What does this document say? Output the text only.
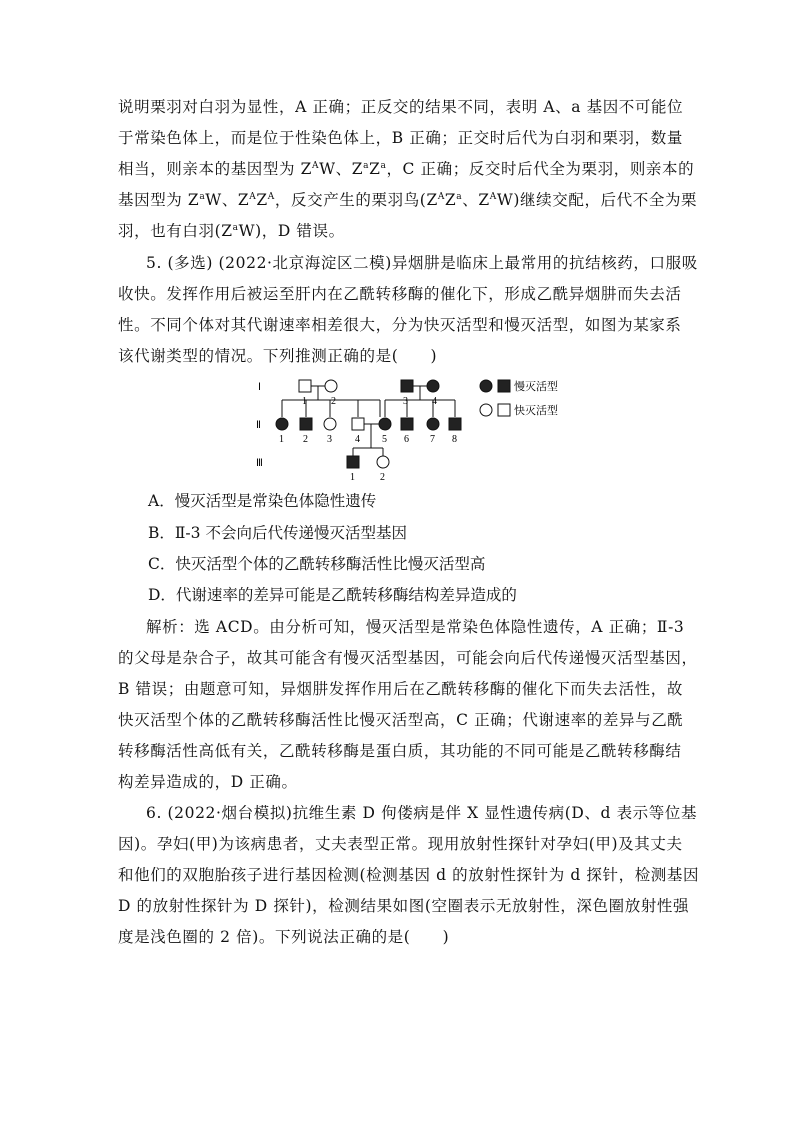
说明栗羽对白羽为显性，A 正确；正反交的结果不同，表明 A、a 基因不可能位
于常染色体上，而是位于性染色体上，B 正确；正交时后代为白羽和栗羽，数量
相当，则亲本的基因型为 $Z^AW$、$Z^aZ^a$，C 正确；反交时后代全为栗羽，则亲本的
基因型为 $Z^aW$、$Z^AZ^A$，反交产生的栗羽鸟($Z^AZ^a$、$Z^AW$)继续交配，后代不全为栗
羽，也有白羽$(Z^aW)$，D 错误。
5. (多选) (2022·北京海淀区二模)异烟肼是临床上最常用的抗结核药，口服吸
收快。发挥作用后被运至肝内在乙酰转移酶的催化下，形成乙酰异烟肼而失去活
性。不同个体对其代谢速率相差很大，分为快灭活型和慢灭活型，如图为某家系
该代谢类型的情况。下列推测正确的是(　　)
Ⅰ
Ⅱ
Ⅲ
1 2	3 4
1 2 3 4 5 6 7 8
1	2
慢灭活型
快灭活型
A．慢灭活型是常染色体隐性遗传
B．Ⅱ-3 不会向后代传递慢灭活型基因
C．快灭活型个体的乙酰转移酶活性比慢灭活型高
D．代谢速率的差异可能是乙酰转移酶结构差异造成的
解析：选 ACD。由分析可知，慢灭活型是常染色体隐性遗传，A 正确；Ⅱ-3
的父母是杂合子，故其可能含有慢灭活型基因，可能会向后代传递慢灭活型基因，
B 错误；由题意可知，异烟肼发挥作用后在乙酰转移酶的催化下而失去活性，故
快灭活型个体的乙酰转移酶活性比慢灭活型高，C 正确；代谢速率的差异与乙酰
转移酶活性高低有关，乙酰转移酶是蛋白质，其功能的不同可能是乙酰转移酶结
构差异造成的，D 正确。
6. (2022·烟台模拟)抗维生素 D 佝偻病是伴 X 显性遗传病(D、d 表示等位基
因)。孕妇(甲)为该病患者，丈夫表型正常。现用放射性探针对孕妇(甲)及其丈夫
和他们的双胞胎孩子进行基因检测(检测基因 d 的放射性探针为 d 探针，检测基因
D 的放射性探针为 D 探针)，检测结果如图(空圈表示无放射性，深色圈放射性强
度是浅色圈的 2 倍)。下列说法正确的是(　　)
